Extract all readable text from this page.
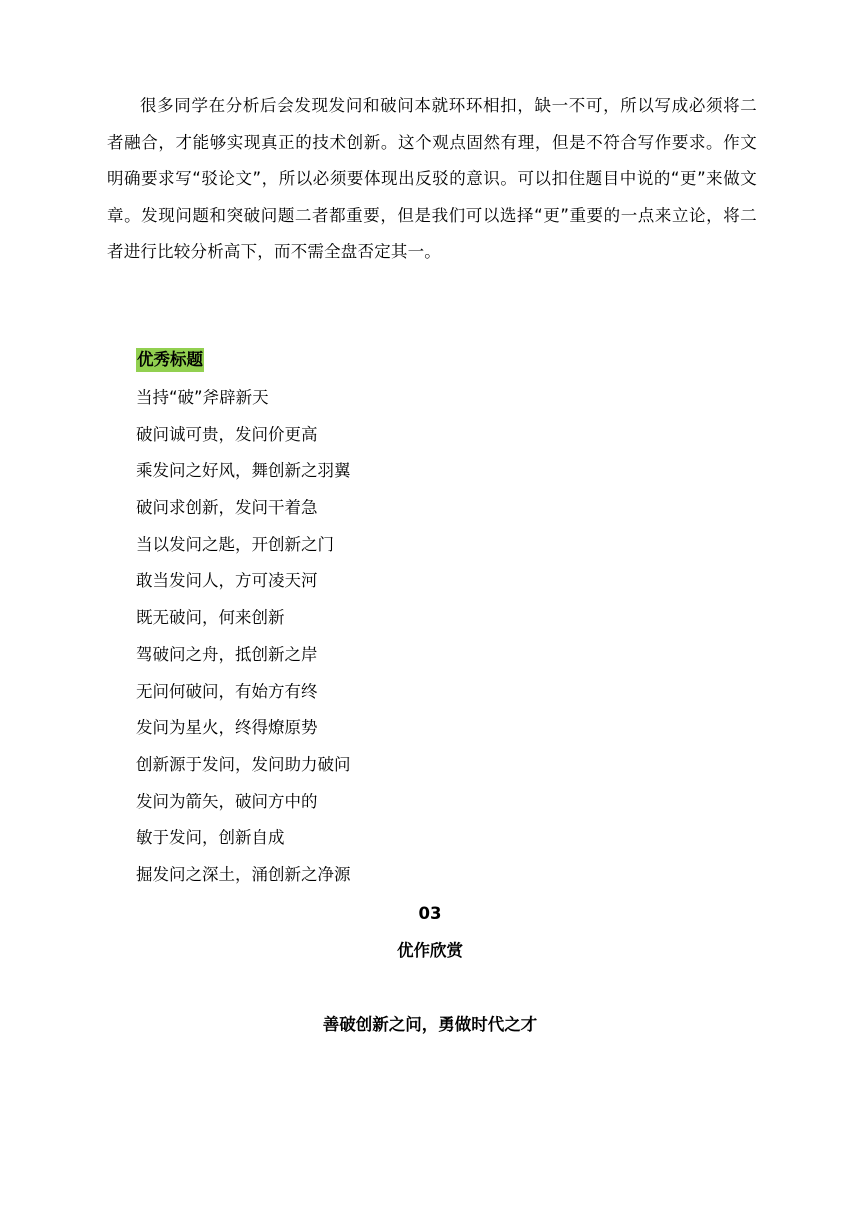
很多同学在分析后会发现发问和破问本就环环相扣，缺一不可，所以写成必须将二者融合，才能够实现真正的技术创新。这个观点固然有理，但是不符合写作要求。作文明确要求写“驳论文”，所以必须要体现出反驳的意识。可以扣住题目中说的“更”来做文章。发现问题和突破问题二者都重要，但是我们可以选择“更”重要的一点来立论，将二者进行比较分析高下，而不需全盘否定其一。

优秀标题

当持“破”斧辟新天
破问诚可贵，发问价更高
乘发问之好风，舞创新之羽翼
破问求创新，发问干着急
当以发问之匙，开创新之门
敢当发问人，方可凌天河
既无破问，何来创新
驾破问之舟，抵创新之岸
无问何破问，有始方有终
发问为星火，终得燎原势
创新源于发问，发问助力破问
发问为箭矢，破问方中的
敏于发问，创新自成
掘发问之深土，涌创新之净源

03

优作欣赏

善破创新之问，勇做时代之才
